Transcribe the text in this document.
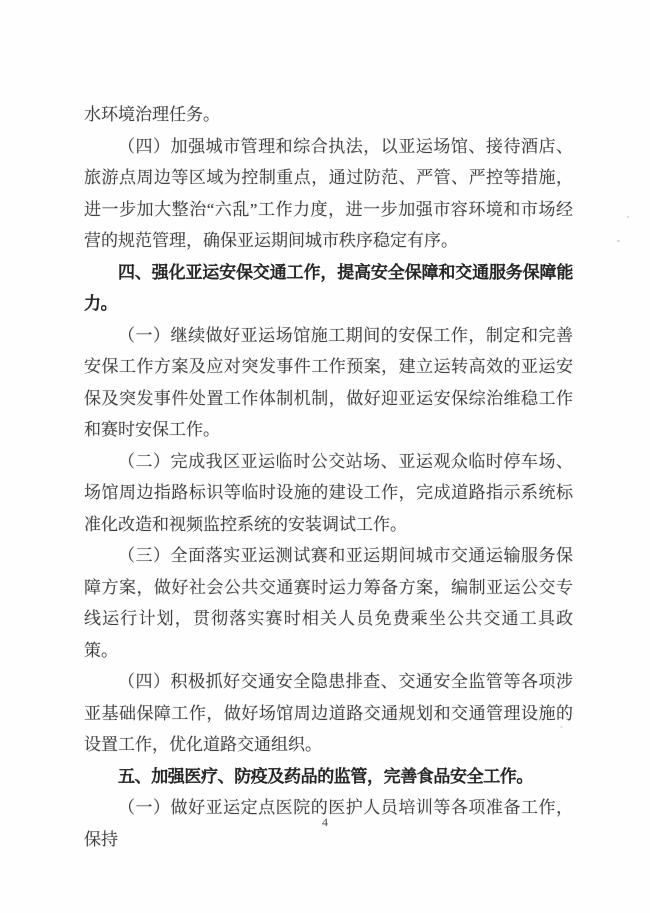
水环境治理任务。

（四）加强城市管理和综合执法，以亚运场馆、接待酒店、旅游点周边等区域为控制重点，通过防范、严管、严控等措施，进一步加大整治“六乱”工作力度，进一步加强市容环境和市场经营的规范管理，确保亚运期间城市秩序稳定有序。

四、强化亚运安保交通工作，提高安全保障和交通服务保障能力。

（一）继续做好亚运场馆施工期间的安保工作，制定和完善安保工作方案及应对突发事件工作预案，建立运转高效的亚运安保及突发事件处置工作体制机制，做好迎亚运安保综治维稳工作和赛时安保工作。

（二）完成我区亚运临时公交站场、亚运观众临时停车场、场馆周边指路标识等临时设施的建设工作，完成道路指示系统标准化改造和视频监控系统的安装调试工作。

（三）全面落实亚运测试赛和亚运期间城市交通运输服务保障方案，做好社会公共交通赛时运力筹备方案，编制亚运公交专线运行计划，贯彻落实赛时相关人员免费乘坐公共交通工具政策。

（四）积极抓好交通安全隐患排查、交通安全监管等各项涉亚基础保障工作，做好场馆周边道路交通规划和交通管理设施的设置工作，优化道路交通组织。

五、加强医疗、防疫及药品的监管，完善食品安全工作。

（一）做好亚运定点医院的医护人员培训等各项准备工作，保持

4
